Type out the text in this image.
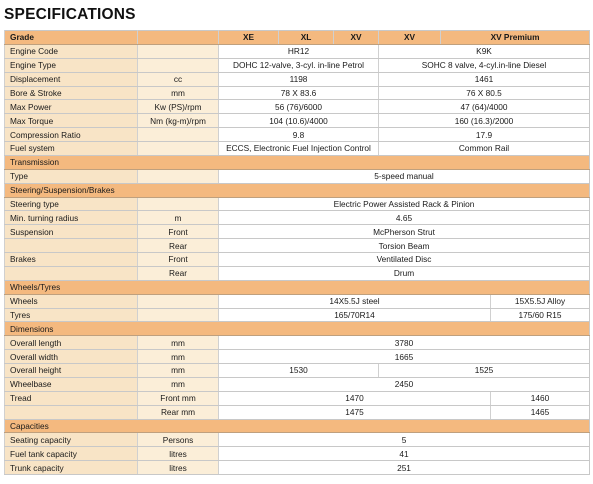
SPECIFICATIONS
Grade		XE	XL	XV	XV	XV Premium	
Engine Code		HR12			K9K		
Engine Type		DOHC 12-valve, 3-cyl. in-line Petrol			SOHC 8 valve, 4-cyl.in-line Diesel		
Displacement	cc	1198			1461		
Bore & Stroke	mm	78 X 83.6			76 X 80.5		
Max Power	Kw (PS)/rpm	56 (76)/6000			47 (64)/4000		
Max Torque	Nm (kg-m)/rpm	104 (10.6)/4000			160 (16.3)/2000		
Compression Ratio		9.8			17.9		
Fuel system		ECCS, Electronic Fuel Injection Control			Common Rail		
Transmission							
Type		5-speed manual					
Steering/Suspension/Brakes							
Steering type		Electric Power Assisted Rack & Pinion					
Min. turning radius	m	4.65					
Suspension	Front	McPherson Strut					
	Rear	Torsion Beam					
Brakes	Front	Ventilated Disc					
	Rear	Drum					
Wheels/Tyres							
Wheels		14X5.5J steel					15X5.5J Alloy
Tyres		165/70R14					175/60 R15
Dimensions							
Overall length	mm	3780					
Overall width	mm	1665					
Overall height	mm	1530			1525		
Wheelbase	mm	2450					
Tread	Front mm	1470					1460
	Rear mm	1475					1465
Capacities							
Seating capacity	Persons	5					
Fuel tank capacity	litres	41					
Trunk capacity	litres	251					
